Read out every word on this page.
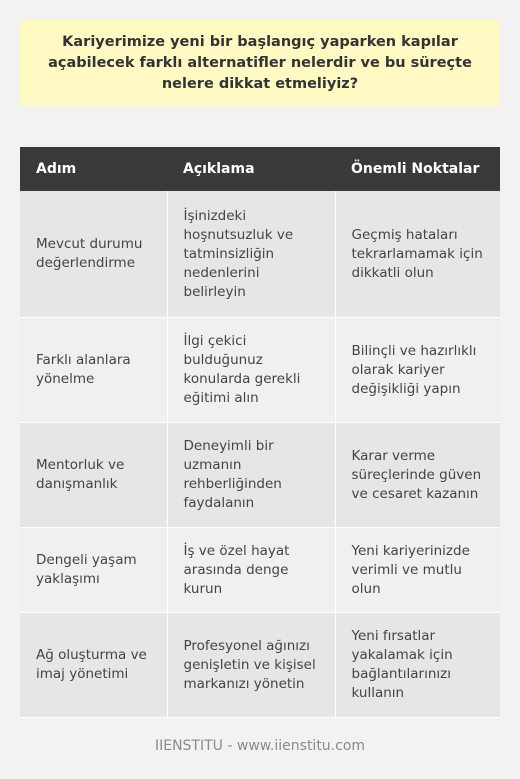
Kariyerimize yeni bir başlangıç yaparken kapılar açabilecek farklı alternatifler nelerdir ve bu süreçte nelere dikkat etmeliyiz?
Adım	Açıklama	Önemli Noktalar
Mevcut durumu değerlendirme	İşinizdeki hoşnutsuzluk ve tatminsizliğin nedenlerini belirleyin	Geçmiş hataları tekrarlamamak için dikkatli olun
Farklı alanlara yönelme	İlgi çekici bulduğunuz konularda gerekli eğitimi alın	Bilinçli ve hazırlıklı olarak kariyer değişikliği yapın
Mentorluk ve danışmanlık	Deneyimli bir uzmanın rehberliğinden faydalanın	Karar verme süreçlerinde güven ve cesaret kazanın
Dengeli yaşam yaklaşımı	İş ve özel hayat arasında denge kurun	Yeni kariyerinizde verimli ve mutlu olun
Ağ oluşturma ve imaj yönetimi	Profesyonel ağınızı genişletin ve kişisel markanızı yönetin	Yeni fırsatlar yakalamak için bağlantılarınızı kullanın
IIENSTITU - www.iienstitu.com
